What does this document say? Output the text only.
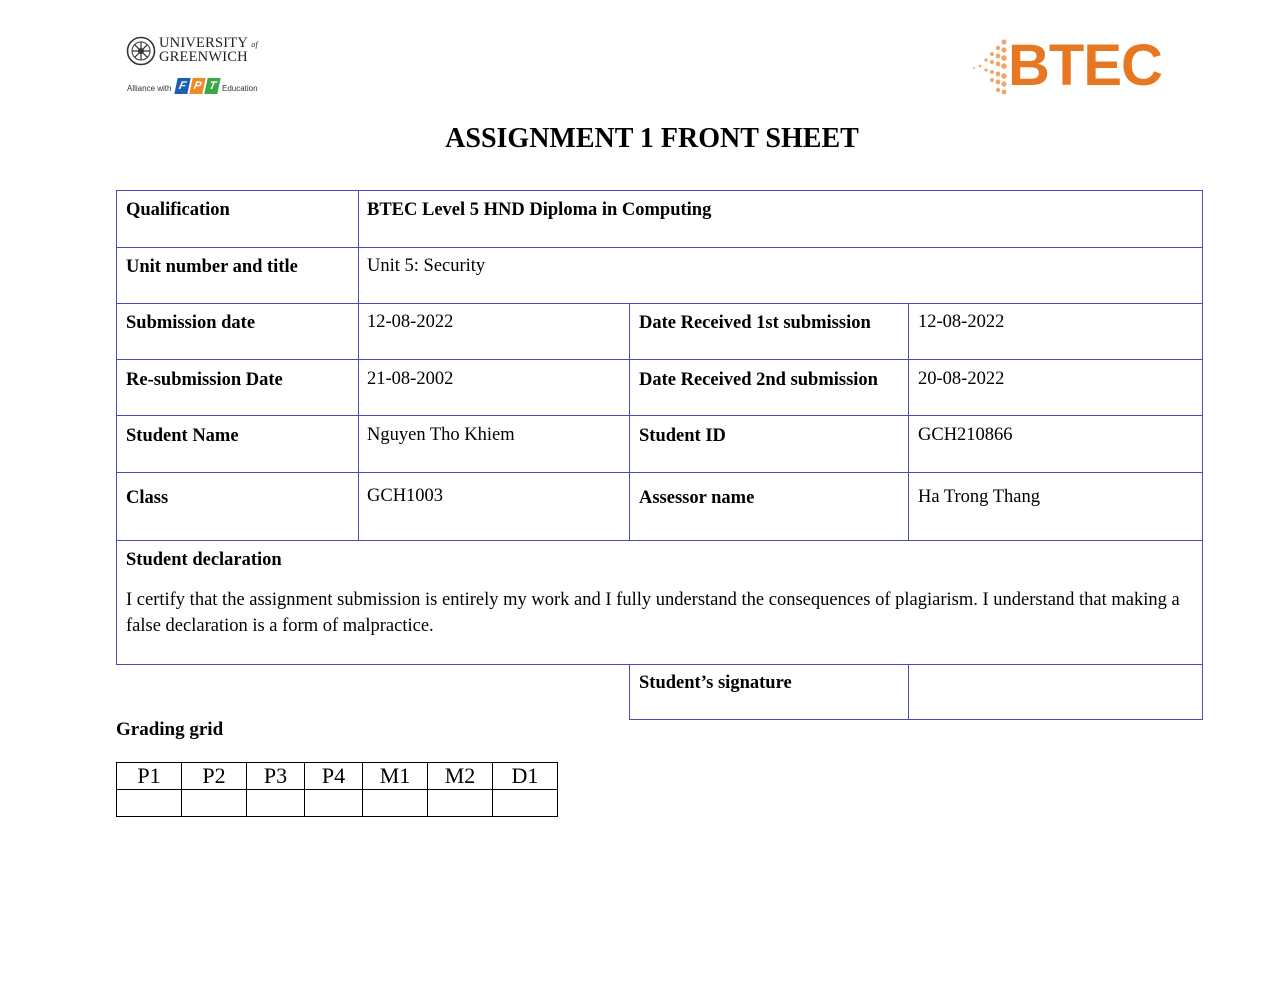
UNIVERSITY of
GREENWICH
Alliance with F P T Education	BTEC
ASSIGNMENT 1 FRONT SHEET
Qualification	BTEC Level 5 HND Diploma in Computing
Unit number and title	Unit 5: Security
Submission date	12-08-2022	Date Received 1st submission	12-08-2022
Re-submission Date	21-08-2002	Date Received 2nd submission 20-08-2022
Student Name	Nguyen Tho Khiem	Student ID	GCH210866
Class	GCH1003	Assessor name	Ha Trong Thang
Student declaration
I certify that the assignment submission is entirely my work and I fully understand the consequences of plagiarism. I understand that making a false declaration is a form of malpractice.
Student’s signature
Grading grid
P1	P2	P3	P4	M1	M2	D1
